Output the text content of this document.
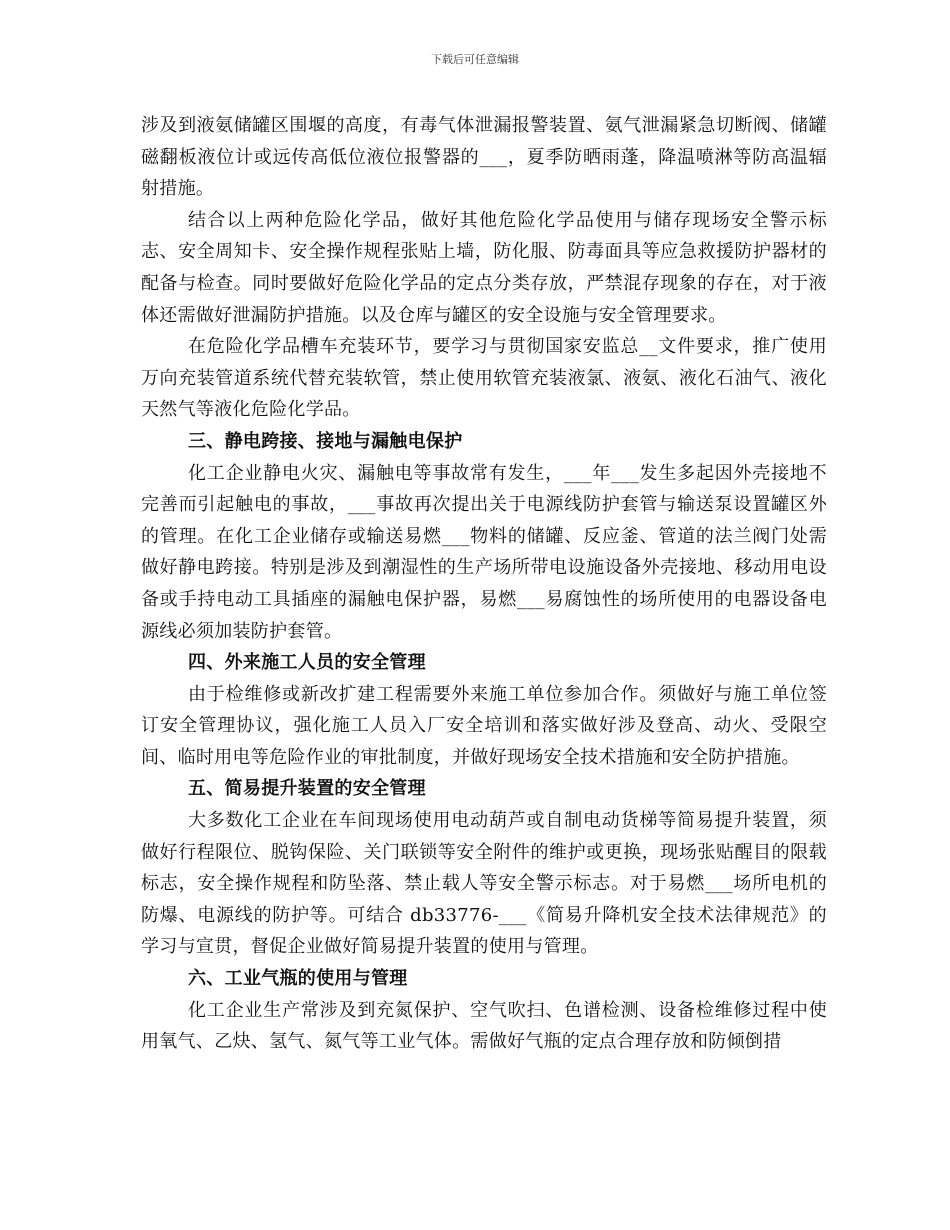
下载后可任意编辑

涉及到液氨储罐区围堰的高度，有毒气体泄漏报警装置、氨气泄漏紧急切断阀、储罐磁翻板液位计或远传高低位液位报警器的___，夏季防晒雨蓬，降温喷淋等防高温辐射措施。

结合以上两种危险化学品，做好其他危险化学品使用与储存现场安全警示标志、安全周知卡、安全操作规程张贴上墙，防化服、防毒面具等应急救援防护器材的配备与检查。同时要做好危险化学品的定点分类存放，严禁混存现象的存在，对于液体还需做好泄漏防护措施。以及仓库与罐区的安全设施与安全管理要求。

在危险化学品槽车充装环节，要学习与贯彻国家安监总__文件要求，推广使用万向充装管道系统代替充装软管，禁止使用软管充装液氯、液氨、液化石油气、液化天然气等液化危险化学品。

三、静电跨接、接地与漏触电保护

化工企业静电火灾、漏触电等事故常有发生，___年___发生多起因外壳接地不完善而引起触电的事故，___事故再次提出关于电源线防护套管与输送泵设置罐区外的管理。在化工企业储存或输送易燃___物料的储罐、反应釜、管道的法兰阀门处需做好静电跨接。特别是涉及到潮湿性的生产场所带电设施设备外壳接地、移动用电设备或手持电动工具插座的漏触电保护器，易燃___易腐蚀性的场所使用的电器设备电源线必须加装防护套管。

四、外来施工人员的安全管理

由于检维修或新改扩建工程需要外来施工单位参加合作。须做好与施工单位签订安全管理协议，强化施工人员入厂安全培训和落实做好涉及登高、动火、受限空间、临时用电等危险作业的审批制度，并做好现场安全技术措施和安全防护措施。

五、简易提升装置的安全管理

大多数化工企业在车间现场使用电动葫芦或自制电动货梯等简易提升装置，须做好行程限位、脱钩保险、关门联锁等安全附件的维护或更换，现场张贴醒目的限载标志，安全操作规程和防坠落、禁止载人等安全警示标志。对于易燃___场所电机的防爆、电源线的防护等。可结合 db33776-___《简易升降机安全技术法律规范》的学习与宣贯，督促企业做好简易提升装置的使用与管理。

六、工业气瓶的使用与管理

化工企业生产常涉及到充氮保护、空气吹扫、色谱检测、设备检维修过程中使用氧气、乙炔、氢气、氮气等工业气体。需做好气瓶的定点合理存放和防倾倒措
